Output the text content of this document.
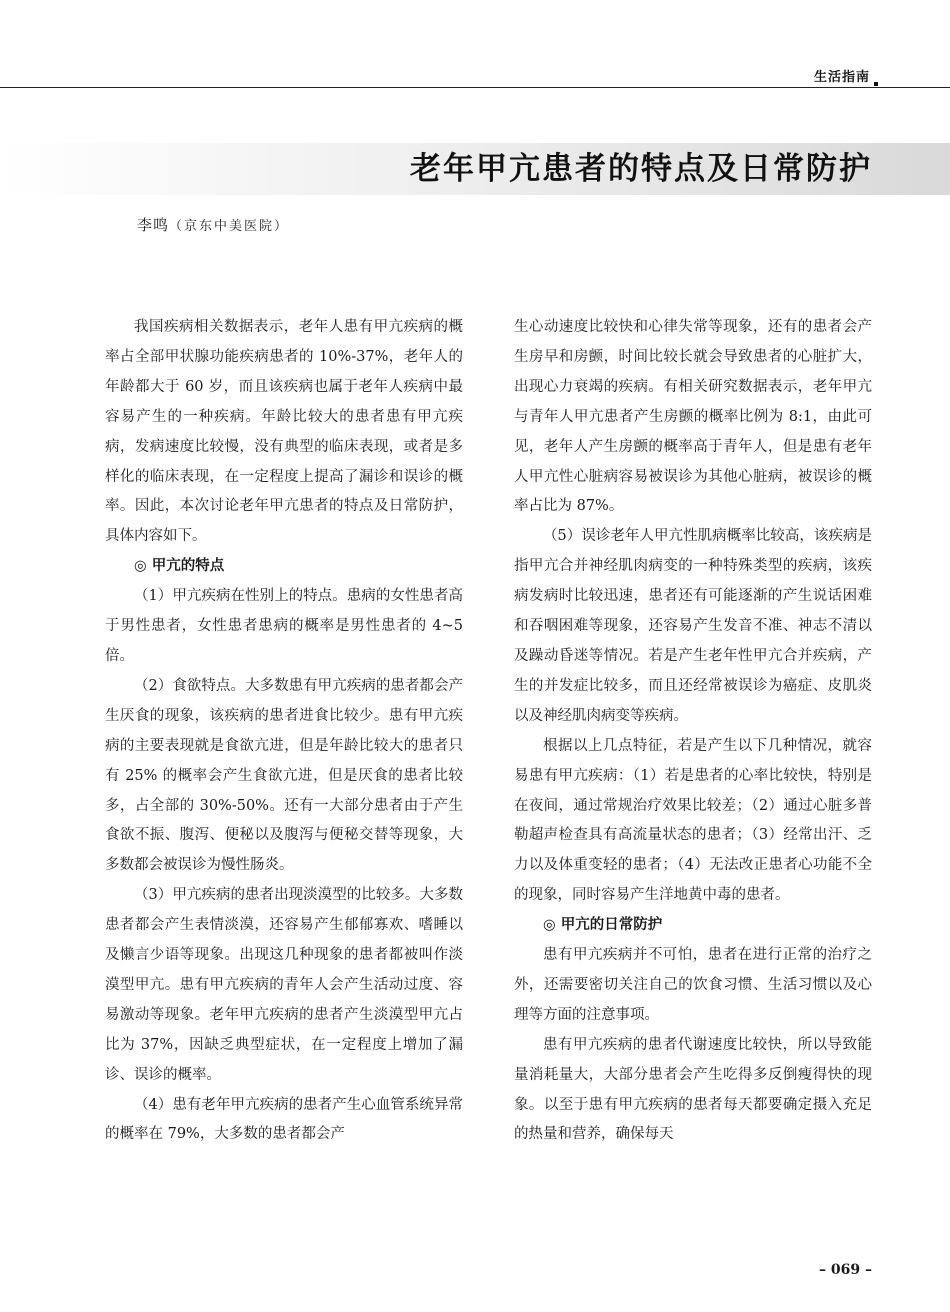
生活指南
老年甲亢患者的特点及日常防护
李鸣（京东中美医院）

我国疾病相关数据表示，老年人患有甲亢疾病的概率占全部甲状腺功能疾病患者的 10%-37%，老年人的年龄都大于 60 岁，而且该疾病也属于老年人疾病中最容易产生的一种疾病。年龄比较大的患者患有甲亢疾病，发病速度比较慢，没有典型的临床表现，或者是多样化的临床表现，在一定程度上提高了漏诊和误诊的概率。因此，本次讨论老年甲亢患者的特点及日常防护，具体内容如下。

◎ 甲亢的特点

（1）甲亢疾病在性别上的特点。患病的女性患者高于男性患者，女性患者患病的概率是男性患者的 4~5 倍。

（2）食欲特点。大多数患有甲亢疾病的患者都会产生厌食的现象，该疾病的患者进食比较少。患有甲亢疾病的主要表现就是食欲亢进，但是年龄比较大的患者只有 25% 的概率会产生食欲亢进，但是厌食的患者比较多，占全部的 30%-50%。还有一大部分患者由于产生食欲不振、腹泻、便秘以及腹泻与便秘交替等现象，大多数都会被误诊为慢性肠炎。

（3）甲亢疾病的患者出现淡漠型的比较多。大多数患者都会产生表情淡漠，还容易产生郁郁寡欢、嗜睡以及懒言少语等现象。出现这几种现象的患者都被叫作淡漠型甲亢。患有甲亢疾病的青年人会产生活动过度、容易激动等现象。老年甲亢疾病的患者产生淡漠型甲亢占比为 37%，因缺乏典型症状，在一定程度上增加了漏诊、误诊的概率。

（4）患有老年甲亢疾病的患者产生心血管系统异常的概率在 79%，大多数的患者都会产

生心动速度比较快和心律失常等现象，还有的患者会产生房早和房颤，时间比较长就会导致患者的心脏扩大，出现心力衰竭的疾病。有相关研究数据表示，老年甲亢与青年人甲亢患者产生房颤的概率比例为 8:1，由此可见，老年人产生房颤的概率高于青年人，但是患有老年人甲亢性心脏病容易被误诊为其他心脏病，被误诊的概率占比为 87%。

（5）误诊老年人甲亢性肌病概率比较高，该疾病是指甲亢合并神经肌肉病变的一种特殊类型的疾病，该疾病发病时比较迅速，患者还有可能逐渐的产生说话困难和吞咽困难等现象，还容易产生发音不准、神志不清以及躁动昏迷等情况。若是产生老年性甲亢合并疾病，产生的并发症比较多，而且还经常被误诊为癌症、皮肌炎以及神经肌肉病变等疾病。

根据以上几点特征，若是产生以下几种情况，就容易患有甲亢疾病：（1）若是患者的心率比较快，特别是在夜间，通过常规治疗效果比较差；（2）通过心脏多普勒超声检查具有高流量状态的患者；（3）经常出汗、乏力以及体重变轻的患者；（4）无法改正患者心功能不全的现象，同时容易产生洋地黄中毒的患者。

◎ 甲亢的日常防护

患有甲亢疾病并不可怕，患者在进行正常的治疗之外，还需要密切关注自己的饮食习惯、生活习惯以及心理等方面的注意事项。

患有甲亢疾病的患者代谢速度比较快，所以导致能量消耗量大，大部分患者会产生吃得多反倒瘦得快的现象。以至于患有甲亢疾病的患者每天都要确定摄入充足的热量和营养，确保每天

– 069 –
